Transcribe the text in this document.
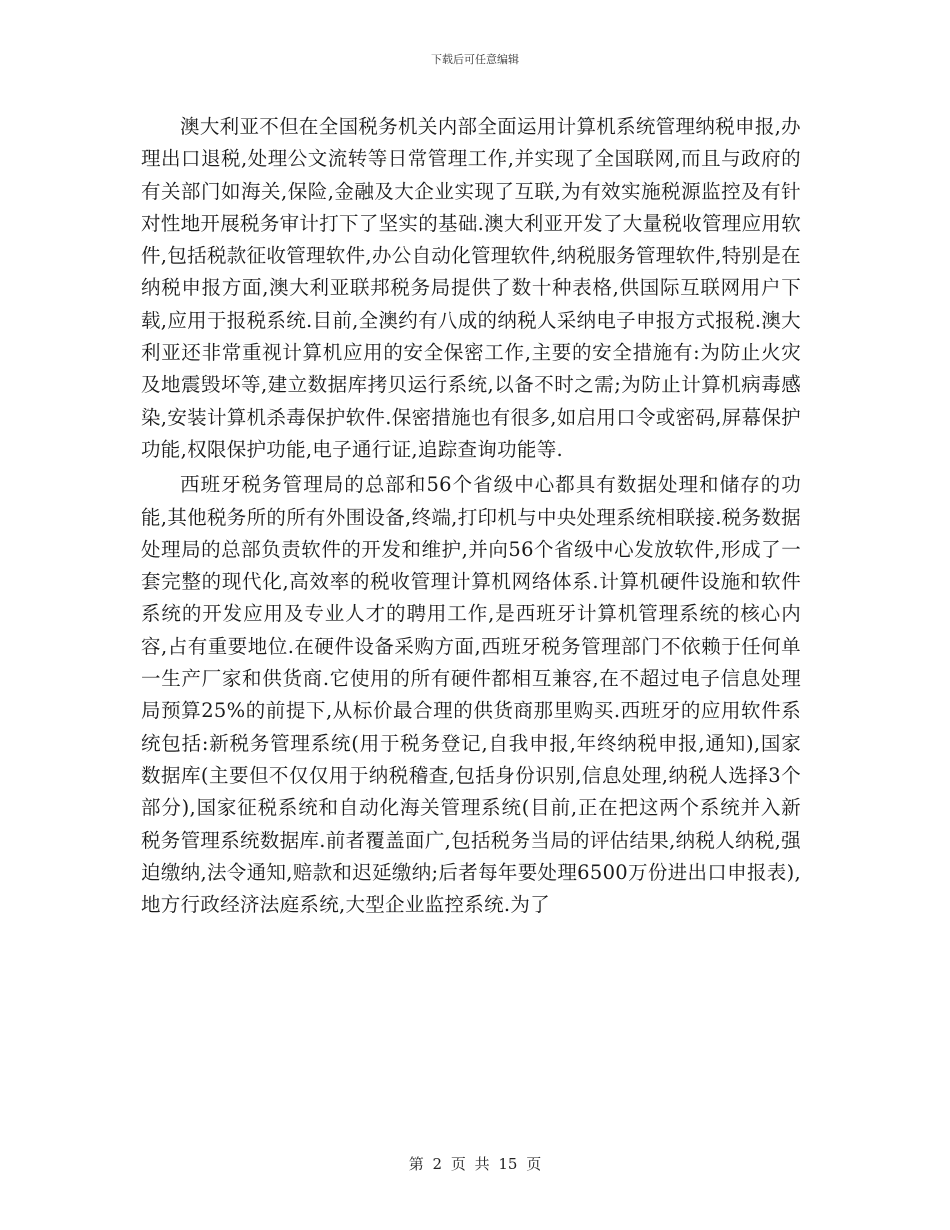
下载后可任意编辑

澳大利亚不但在全国税务机关内部全面运用计算机系统管理纳税申报,办理出口退税,处理公文流转等日常管理工作,并实现了全国联网,而且与政府的有关部门如海关,保险,金融及大企业实现了互联,为有效实施税源监控及有针对性地开展税务审计打下了坚实的基础.澳大利亚开发了大量税收管理应用软件,包括税款征收管理软件,办公自动化管理软件,纳税服务管理软件,特别是在纳税申报方面,澳大利亚联邦税务局提供了数十种表格,供国际互联网用户下载,应用于报税系统.目前,全澳约有八成的纳税人采纳电子申报方式报税.澳大利亚还非常重视计算机应用的安全保密工作,主要的安全措施有:为防止火灾及地震毁坏等,建立数据库拷贝运行系统,以备不时之需;为防止计算机病毒感染,安装计算机杀毒保护软件.保密措施也有很多,如启用口令或密码,屏幕保护功能,权限保护功能,电子通行证,追踪查询功能等.

西班牙税务管理局的总部和56个省级中心都具有数据处理和储存的功能,其他税务所的所有外围设备,终端,打印机与中央处理系统相联接.税务数据处理局的总部负责软件的开发和维护,并向56个省级中心发放软件,形成了一套完整的现代化,高效率的税收管理计算机网络体系.计算机硬件设施和软件系统的开发应用及专业人才的聘用工作,是西班牙计算机管理系统的核心内容,占有重要地位.在硬件设备采购方面,西班牙税务管理部门不依赖于任何单一生产厂家和供货商.它使用的所有硬件都相互兼容,在不超过电子信息处理局预算25%的前提下,从标价最合理的供货商那里购买.西班牙的应用软件系统包括:新税务管理系统(用于税务登记,自我申报,年终纳税申报,通知),国家数据库(主要但不仅仅用于纳税稽查,包括身份识别,信息处理,纳税人选择3个部分),国家征税系统和自动化海关管理系统(目前,正在把这两个系统并入新税务管理系统数据库.前者覆盖面广,包括税务当局的评估结果,纳税人纳税,强迫缴纳,法令通知,赔款和迟延缴纳;后者每年要处理6500万份进出口申报表),地方行政经济法庭系统,大型企业监控系统.为了

第 2 页 共 15 页
